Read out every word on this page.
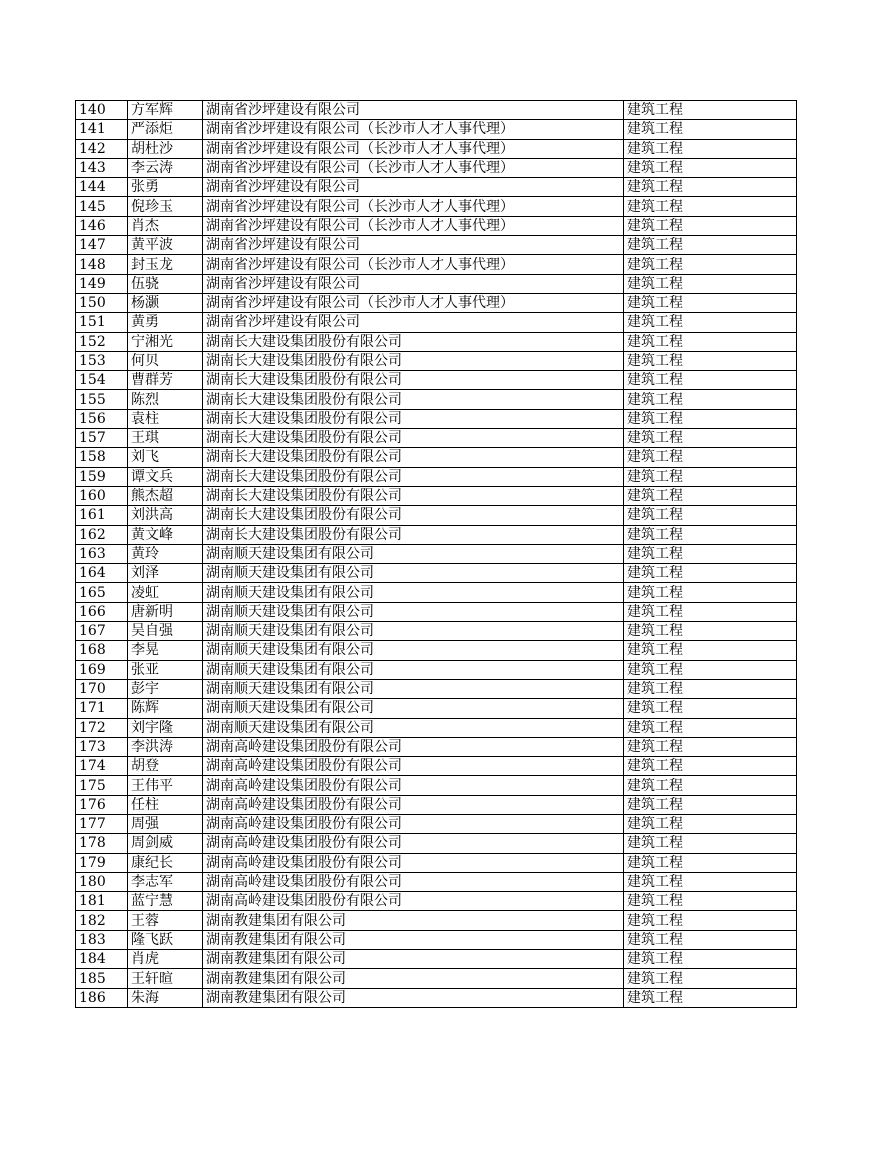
140	方军辉	湖南省沙坪建设有限公司	建筑工程
141	严添炬	湖南省沙坪建设有限公司（长沙市人才人事代理）	建筑工程
142	胡杜沙	湖南省沙坪建设有限公司（长沙市人才人事代理）	建筑工程
143	李云涛	湖南省沙坪建设有限公司（长沙市人才人事代理）	建筑工程
144	张勇	湖南省沙坪建设有限公司	建筑工程
145	倪珍玉	湖南省沙坪建设有限公司（长沙市人才人事代理）	建筑工程
146	肖杰	湖南省沙坪建设有限公司（长沙市人才人事代理）	建筑工程
147	黄平波	湖南省沙坪建设有限公司	建筑工程
148	封玉龙	湖南省沙坪建设有限公司（长沙市人才人事代理）	建筑工程
149	伍骁	湖南省沙坪建设有限公司	建筑工程
150	杨灏	湖南省沙坪建设有限公司（长沙市人才人事代理）	建筑工程
151	黄勇	湖南省沙坪建设有限公司	建筑工程
152	宁湘光	湖南长大建设集团股份有限公司	建筑工程
153	何贝	湖南长大建设集团股份有限公司	建筑工程
154	曹群芳	湖南长大建设集团股份有限公司	建筑工程
155	陈烈	湖南长大建设集团股份有限公司	建筑工程
156	袁柱	湖南长大建设集团股份有限公司	建筑工程
157	王琪	湖南长大建设集团股份有限公司	建筑工程
158	刘飞	湖南长大建设集团股份有限公司	建筑工程
159	谭文兵	湖南长大建设集团股份有限公司	建筑工程
160	熊杰超	湖南长大建设集团股份有限公司	建筑工程
161	刘洪高	湖南长大建设集团股份有限公司	建筑工程
162	黄文峰	湖南长大建设集团股份有限公司	建筑工程
163	黄玲	湖南顺天建设集团有限公司	建筑工程
164	刘泽	湖南顺天建设集团有限公司	建筑工程
165	凌虹	湖南顺天建设集团有限公司	建筑工程
166	唐新明	湖南顺天建设集团有限公司	建筑工程
167	吴自强	湖南顺天建设集团有限公司	建筑工程
168	李晃	湖南顺天建设集团有限公司	建筑工程
169	张亚	湖南顺天建设集团有限公司	建筑工程
170	彭宇	湖南顺天建设集团有限公司	建筑工程
171	陈辉	湖南顺天建设集团有限公司	建筑工程
172	刘宇隆	湖南顺天建设集团有限公司	建筑工程
173	李洪涛	湖南高岭建设集团股份有限公司	建筑工程
174	胡登	湖南高岭建设集团股份有限公司	建筑工程
175	王伟平	湖南高岭建设集团股份有限公司	建筑工程
176	任柱	湖南高岭建设集团股份有限公司	建筑工程
177	周强	湖南高岭建设集团股份有限公司	建筑工程
178	周剑威	湖南高岭建设集团股份有限公司	建筑工程
179	康纪长	湖南高岭建设集团股份有限公司	建筑工程
180	李志军	湖南高岭建设集团股份有限公司	建筑工程
181	蓝宁慧	湖南高岭建设集团股份有限公司	建筑工程
182	王蓉	湖南教建集团有限公司	建筑工程
183	隆飞跃	湖南教建集团有限公司	建筑工程
184	肖虎	湖南教建集团有限公司	建筑工程
185	王轩暄	湖南教建集团有限公司	建筑工程
186	朱海	湖南教建集团有限公司	建筑工程
